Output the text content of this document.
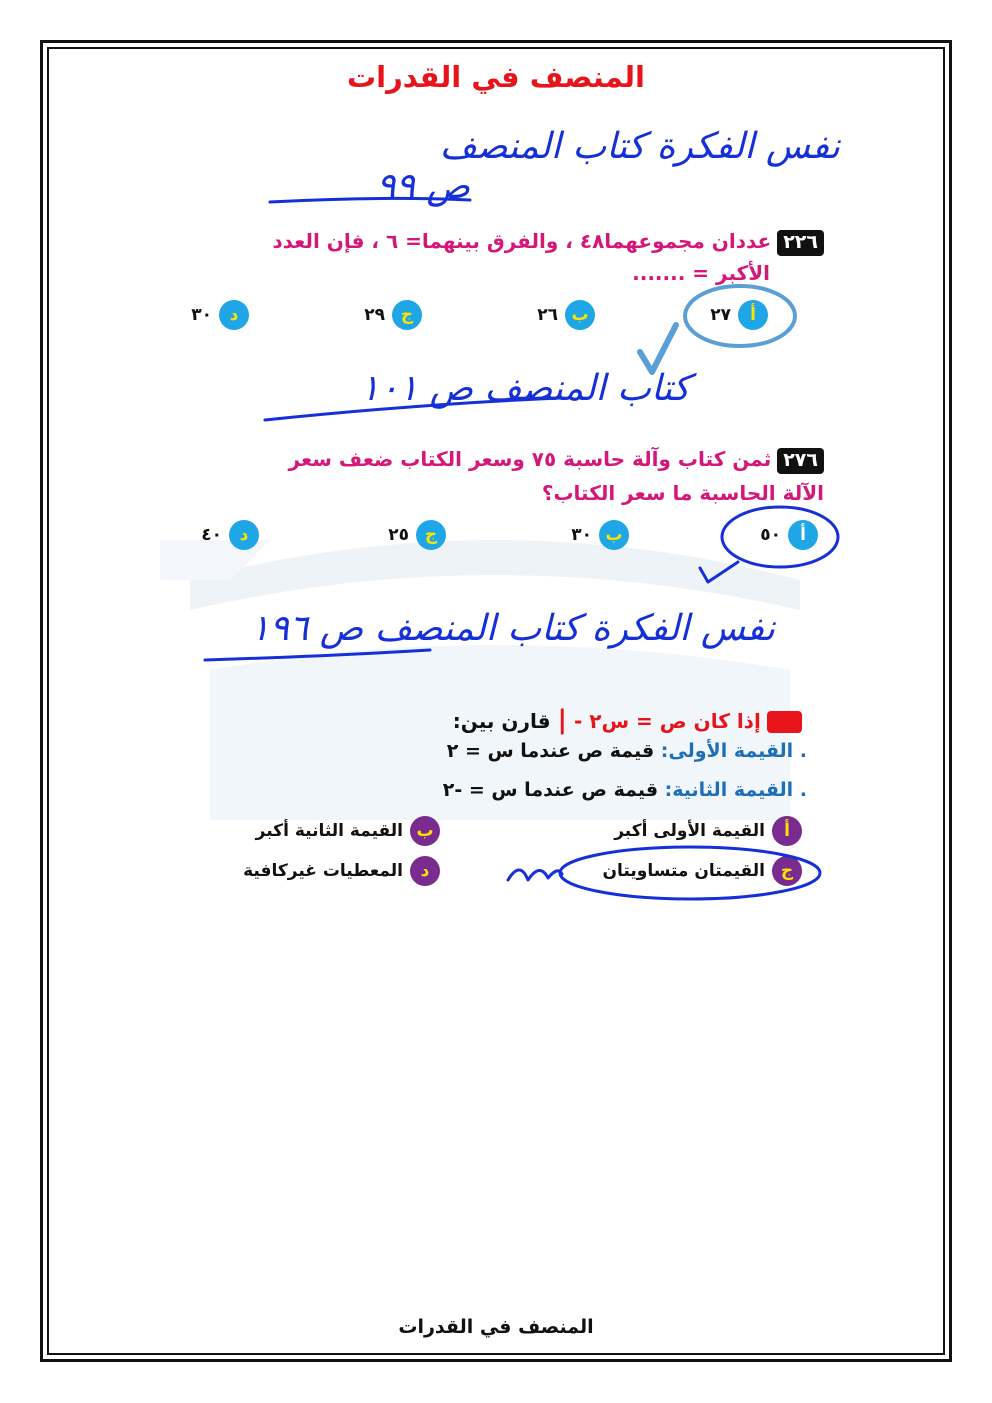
المنصف في القدرات
٢٢٦عددان مجموعهما٤٨ ، والفرق بينهما= ٦ ، فإن العدد
الأكبر = .......
أ
٢٧
ب
٢٦
ج
٢٩
د
٣٠
٢٧٦ثمن كتاب وآلة حاسبة ٧٥ وسعر الكتاب ضعف سعر
الآلة الحاسبة ما سعر الكتاب؟
أ
٥٠
ب
٣٠
ج
٢٥
د
٤٠
١٤إذا كان ص = س٢ - | قارن بين:
. القيمة الأولى: قيمة ص عندما س = ٢
. القيمة الثانية: قيمة ص عندما س = -٢
أ
القيمة الأولى أكبر
ب
القيمة الثانية أكبر
ج
القيمتان متساويتان
د
المعطيات غيركافية
نفس الفكرة كتاب المنصف
ص ٩٩
كتاب المنصف ص ١٠١
نفس الفكرة كتاب المنصف ص ١٩٦
المنصف في القدرات
